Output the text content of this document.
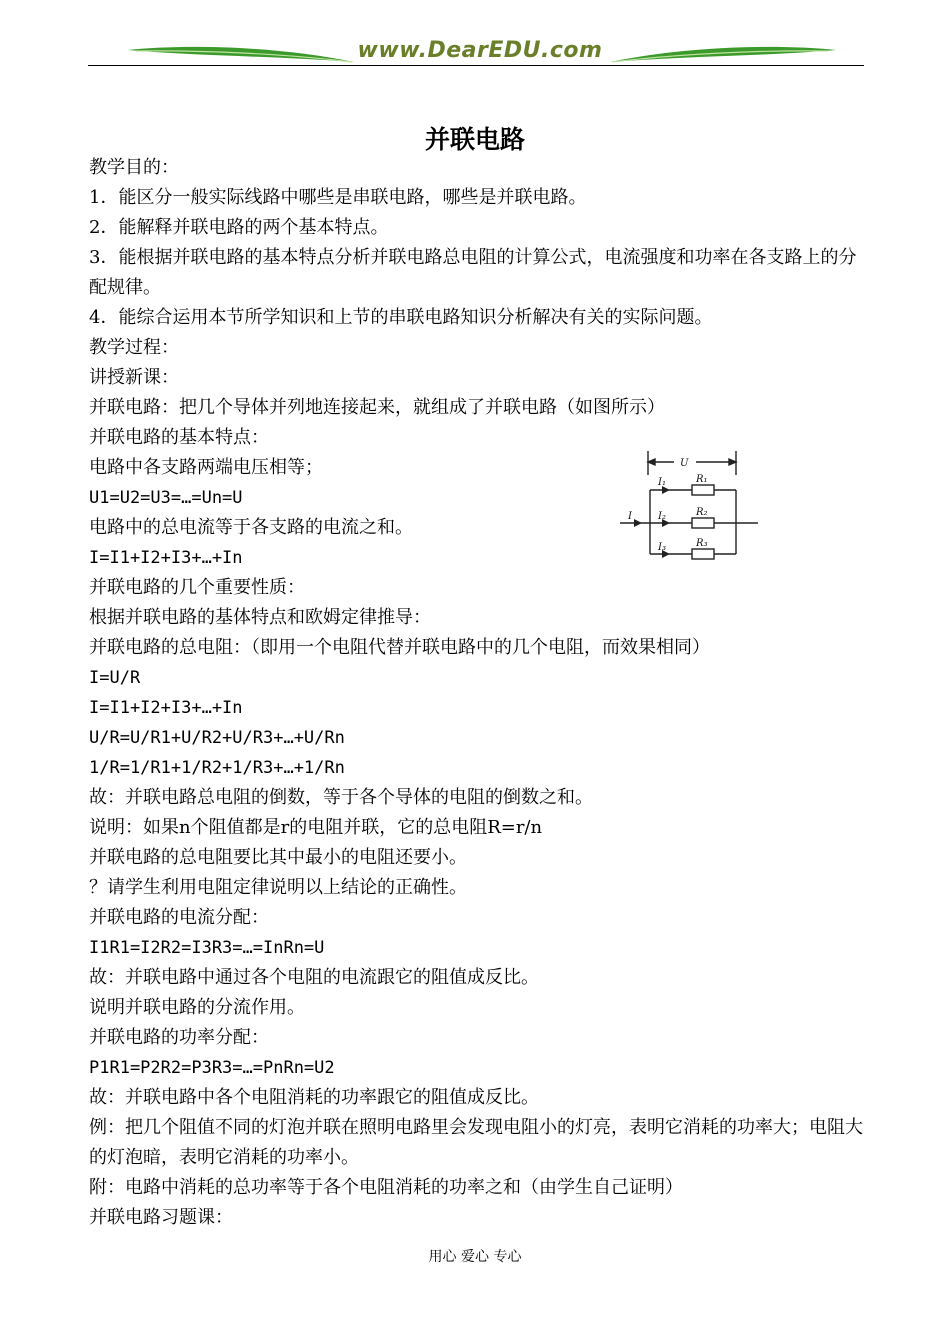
www.DearEDU.com
并联电路
教学目的：
1．能区分一般实际线路中哪些是串联电路，哪些是并联电路。
2．能解释并联电路的两个基本特点。
3．能根据并联电路的基本特点分析并联电路总电阻的计算公式，电流强度和功率在各支路上的分配规律。
4．能综合运用本节所学知识和上节的串联电路知识分析解决有关的实际问题。
教学过程：
讲授新课：
并联电路：把几个导体并列地连接起来，就组成了并联电路（如图所示）
并联电路的基本特点：
电路中各支路两端电压相等；
U1=U2=U3=…=Un=U
电路中的总电流等于各支路的电流之和。
I=I1+I2+I3+…+In
并联电路的几个重要性质：
根据并联电路的基体特点和欧姆定律推导：
并联电路的总电阻：（即用一个电阻代替并联电路中的几个电阻，而效果相同）
I=U/R
I=I1+I2+I3+…+In
U/R=U/R1+U/R2+U/R3+…+U/Rn
1/R=1/R1+1/R2+1/R3+…+1/Rn
故：并联电路总电阻的倒数，等于各个导体的电阻的倒数之和。
说明：如果n个阻值都是r的电阻并联，它的总电阻R=r/n
并联电路的总电阻要比其中最小的电阻还要小。
？请学生利用电阻定律说明以上结论的正确性。
并联电路的电流分配：
I1R1=I2R2=I3R3=…=InRn=U
故：并联电路中通过各个电阻的电流跟它的阻值成反比。
说明并联电路的分流作用。
并联电路的功率分配：
P1R1=P2R2=P3R3=…=PnRn=U2
故：并联电路中各个电阻消耗的功率跟它的阻值成反比。
例：把几个阻值不同的灯泡并联在照明电路里会发现电阻小的灯亮，表明它消耗的功率大；电阻大的灯泡暗，表明它消耗的功率小。
附：电路中消耗的总功率等于各个电阻消耗的功率之和（由学生自己证明）
并联电路习题课：
U
I
I₁
I₂
I₃
R₁
R₂
R₃
用心 爱心 专心
